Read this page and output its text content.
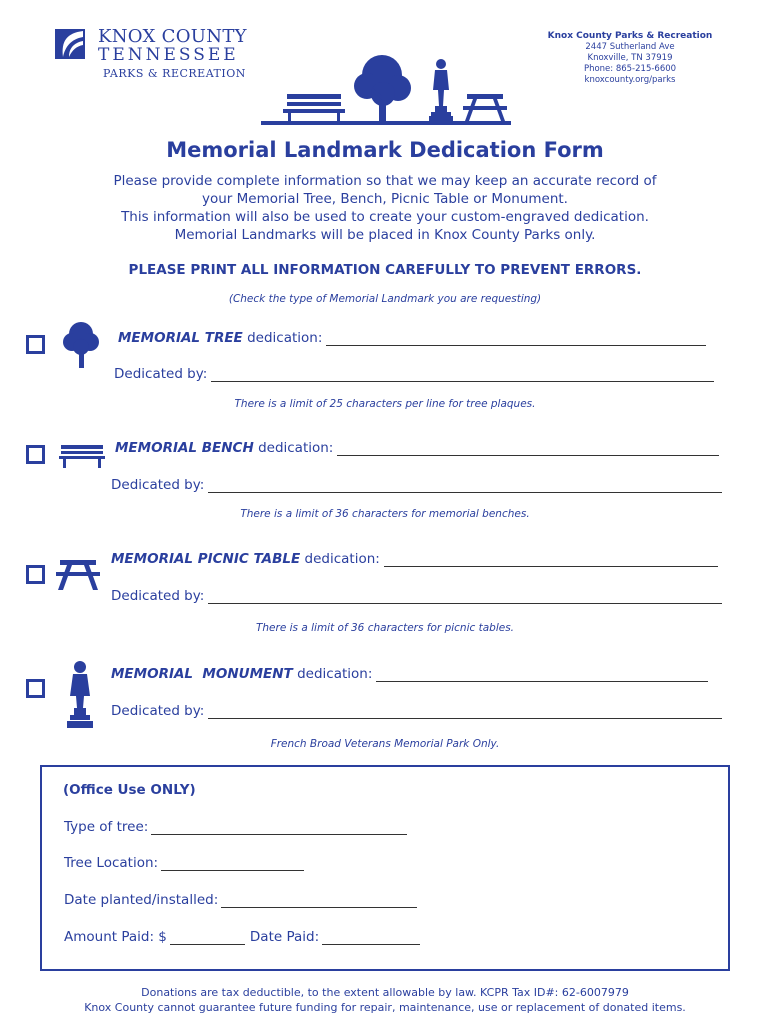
KNOX COUNTY
TENNESSEE
PARKS & RECREATION
Knox County Parks & Recreation
2447 Sutherland Ave
Knoxville, TN 37919
Phone: 865-215-6600
knoxcounty.org/parks
Memorial Landmark Dedication Form
Please provide complete information so that we may keep an accurate record of
your Memorial Tree, Bench, Picnic Table or Monument.
This information will also be used to create your custom-engraved dedication.
Memorial Landmarks will be placed in Knox County Parks only.
PLEASE PRINT ALL INFORMATION CAREFULLY TO PREVENT ERRORS.
(Check the type of Memorial Landmark you are requesting)
MEMORIAL TREE dedication:
Dedicated by:
There is a limit of 25 characters per line for tree plaques.
MEMORIAL BENCH dedication:
Dedicated by:
There is a limit of 36 characters for memorial benches.
MEMORIAL PICNIC TABLE dedication:
Dedicated by:
There is a limit of 36 characters for picnic tables.
MEMORIAL  MONUMENT dedication:
Dedicated by:
French Broad Veterans Memorial Park Only.
(Office Use ONLY)
Type of tree:
Tree Location:
Date planted/installed:
Amount Paid: $	Date Paid:
Donations are tax deductible, to the extent allowable by law. KCPR Tax ID#: 62-6007979
Knox County cannot guarantee future funding for repair, maintenance, use or replacement of donated items.
